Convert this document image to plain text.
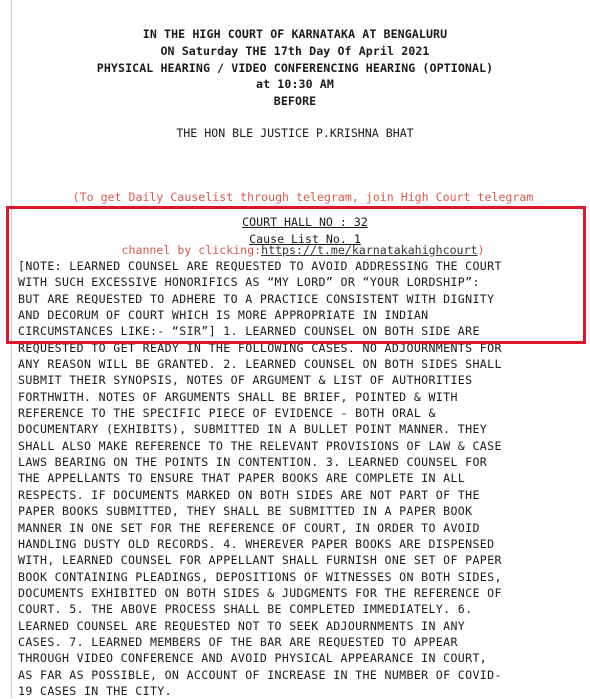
IN THE HIGH COURT OF KARNATAKA AT BENGALURU
ON Saturday THE 17th Day Of April 2021
PHYSICAL HEARING / VIDEO CONFERENCING HEARING (OPTIONAL)
at 10:30 AM
BEFORE
THE HON BLE JUSTICE P.KRISHNA BHAT

(To get Daily Causelist through telegram, join High Court telegram

channel by clicking:https://t.me/karnatakahighcourt)

COURT HALL NO : 32
Cause List No. 1
[NOTE: LEARNED COUNSEL ARE REQUESTED TO AVOID ADDRESSING THE COURT
WITH SUCH EXCESSIVE HONORIFICS AS “MY LORD” OR “YOUR LORDSHIP”:
BUT ARE REQUESTED TO ADHERE TO A PRACTICE CONSISTENT WITH DIGNITY
AND DECORUM OF COURT WHICH IS MORE APPROPRIATE IN INDIAN
CIRCUMSTANCES LIKE:- “SIR”] 1. LEARNED COUNSEL ON BOTH SIDE ARE
REQUESTED TO GET READY IN THE FOLLOWING CASES. NO ADJOURNMENTS FOR
ANY REASON WILL BE GRANTED. 2. LEARNED COUNSEL ON BOTH SIDES SHALL
SUBMIT THEIR SYNOPSIS, NOTES OF ARGUMENT & LIST OF AUTHORITIES
FORTHWITH. NOTES OF ARGUMENTS SHALL BE BRIEF, POINTED & WITH
REFERENCE TO THE SPECIFIC PIECE OF EVIDENCE - BOTH ORAL &
DOCUMENTARY (EXHIBITS), SUBMITTED IN A BULLET POINT MANNER. THEY
SHALL ALSO MAKE REFERENCE TO THE RELEVANT PROVISIONS OF LAW & CASE
LAWS BEARING ON THE POINTS IN CONTENTION. 3. LEARNED COUNSEL FOR
THE APPELLANTS TO ENSURE THAT PAPER BOOKS ARE COMPLETE IN ALL
RESPECTS. IF DOCUMENTS MARKED ON BOTH SIDES ARE NOT PART OF THE
PAPER BOOKS SUBMITTED, THEY SHALL BE SUBMITTED IN A PAPER BOOK
MANNER IN ONE SET FOR THE REFERENCE OF COURT, IN ORDER TO AVOID
HANDLING DUSTY OLD RECORDS. 4. WHEREVER PAPER BOOKS ARE DISPENSED
WITH, LEARNED COUNSEL FOR APPELLANT SHALL FURNISH ONE SET OF PAPER
BOOK CONTAINING PLEADINGS, DEPOSITIONS OF WITNESSES ON BOTH SIDES,
DOCUMENTS EXHIBITED ON BOTH SIDES & JUDGMENTS FOR THE REFERENCE OF
COURT. 5. THE ABOVE PROCESS SHALL BE COMPLETED IMMEDIATELY. 6.
LEARNED COUNSEL ARE REQUESTED NOT TO SEEK ADJOURNMENTS IN ANY
CASES. 7. LEARNED MEMBERS OF THE BAR ARE REQUESTED TO APPEAR
THROUGH VIDEO CONFERENCE AND AVOID PHYSICAL APPEARANCE IN COURT,
AS FAR AS POSSIBLE, ON ACCOUNT OF INCREASE IN THE NUMBER OF COVID-
19 CASES IN THE CITY.
